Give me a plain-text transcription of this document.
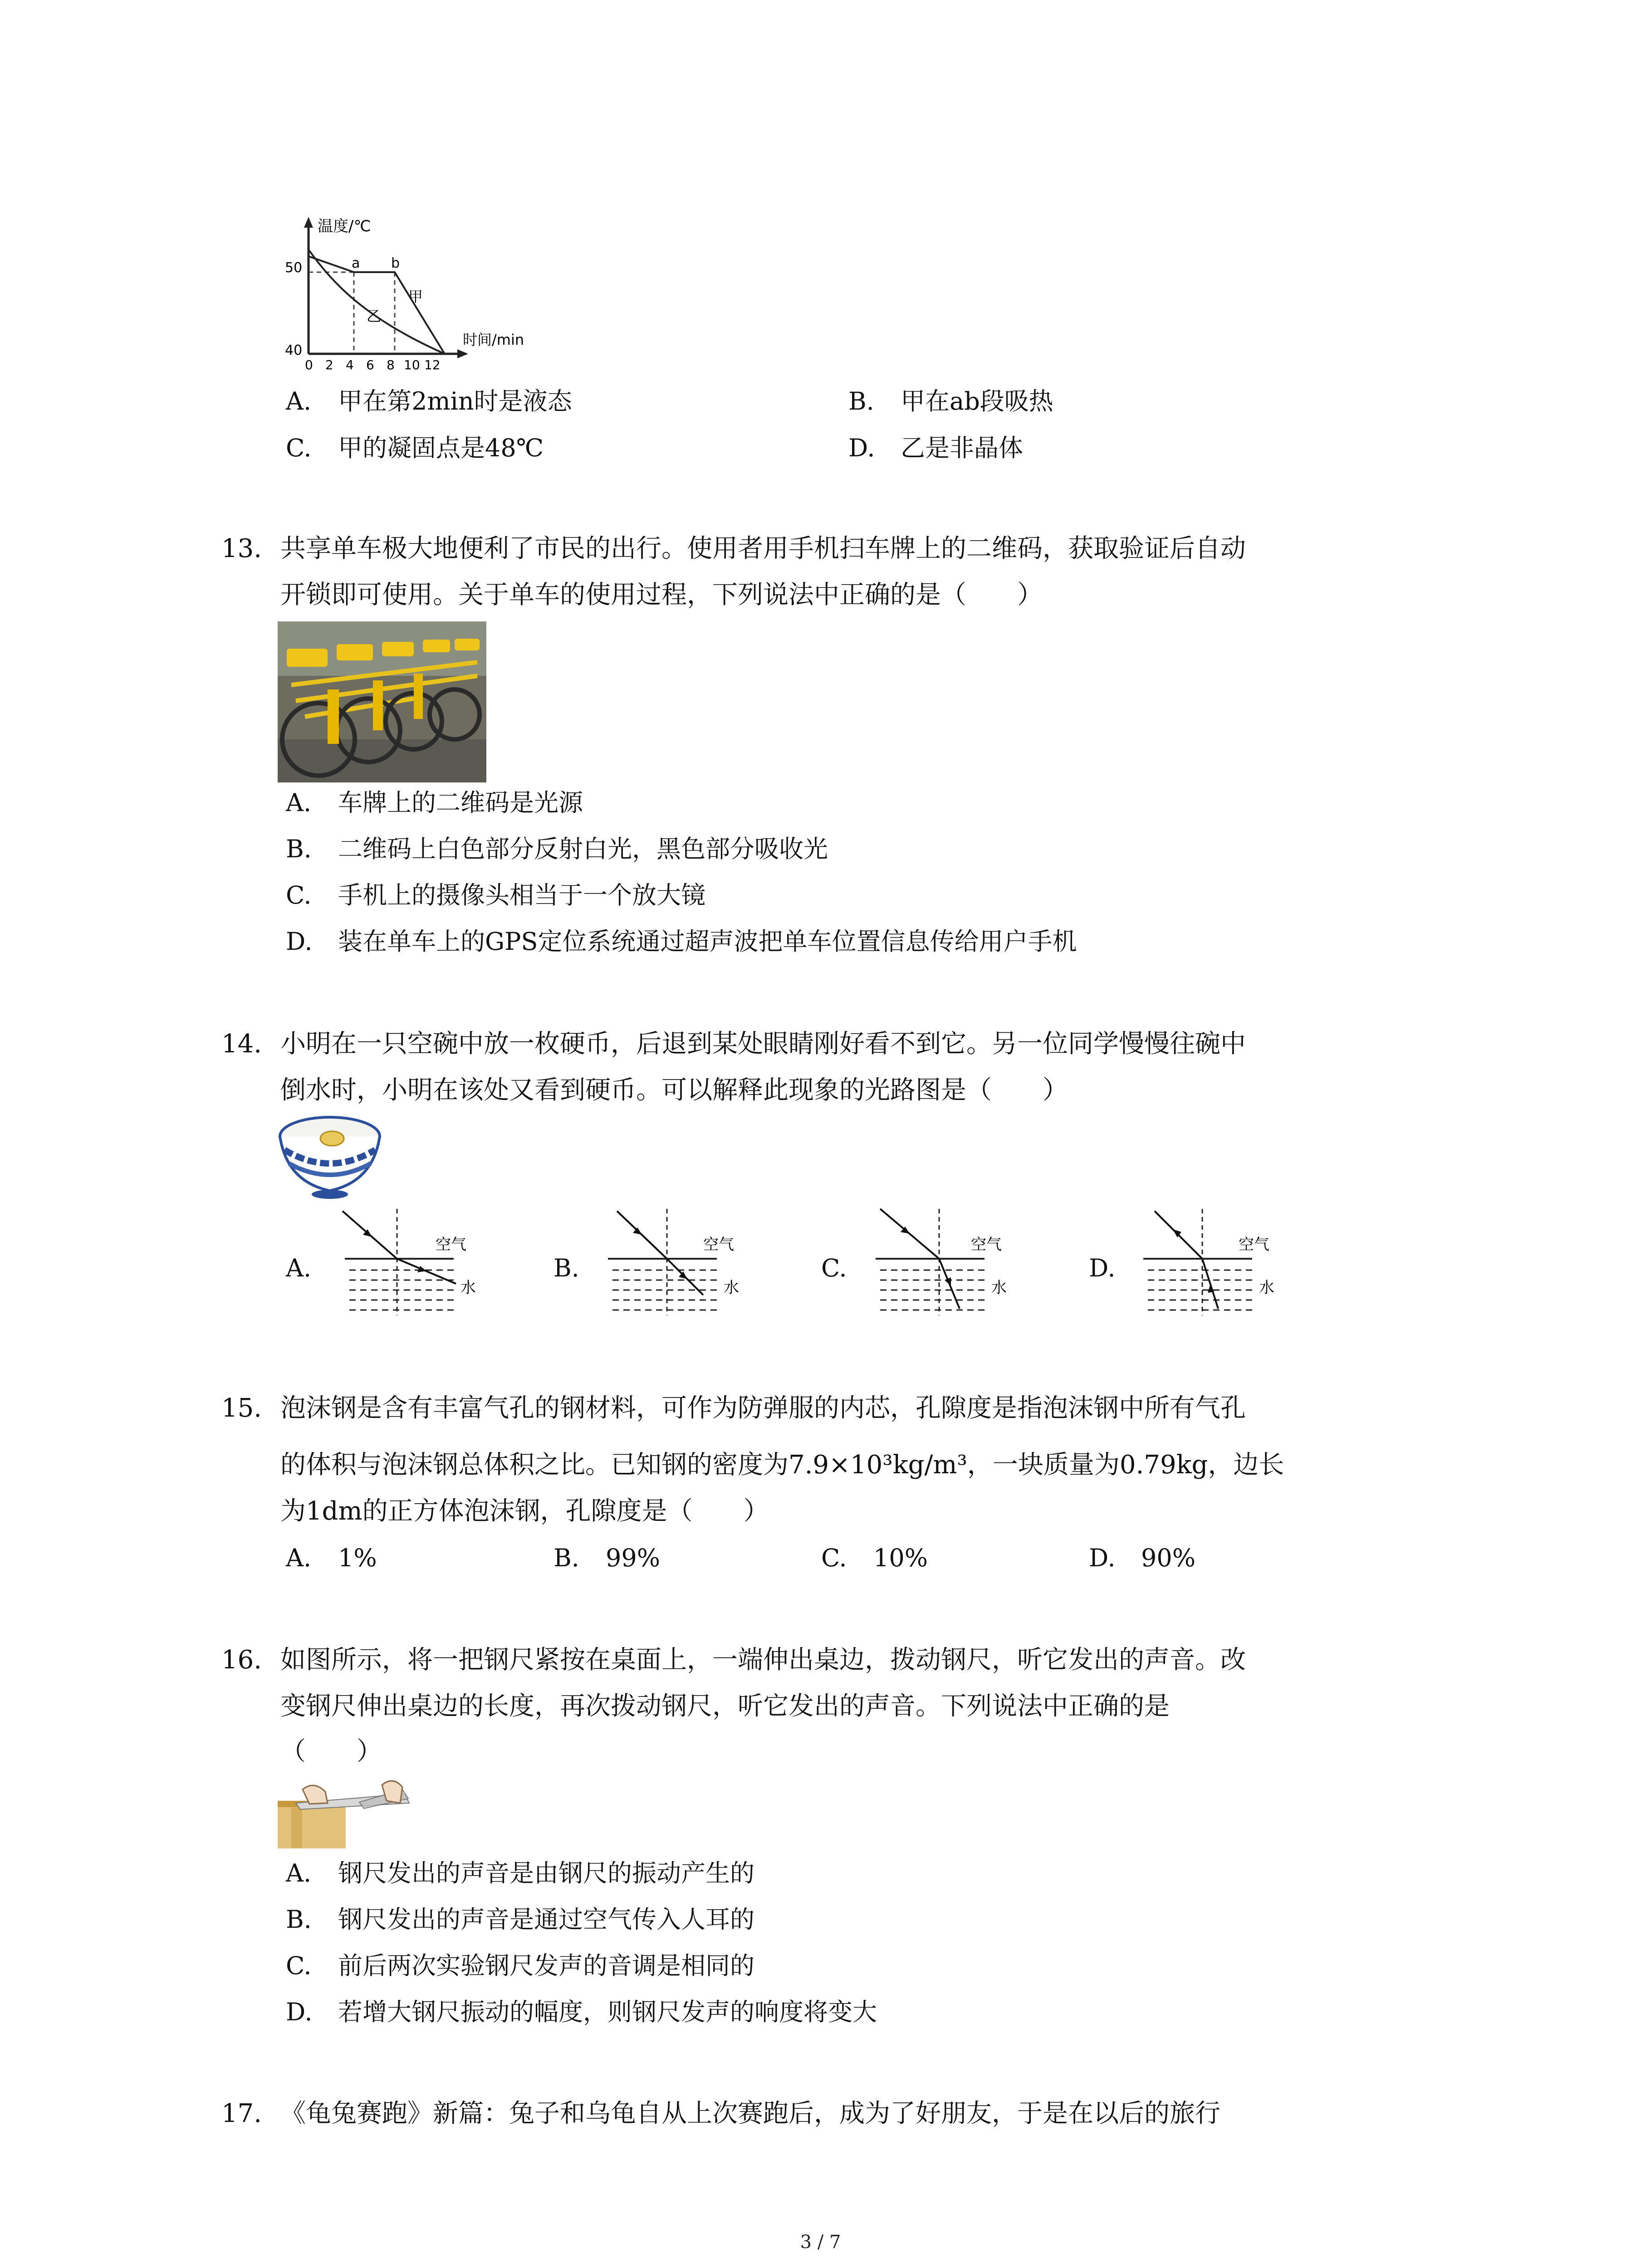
50
40
0 2 4 6 8 10 12
温度/℃
时间/min
a b
甲
乙
A. 甲在第2min时是液态	B. 甲在ab段吸热
C. 甲的凝固点是48℃	D. 乙是非晶体
13. 共享单车极大地便利了市民的出行。使用者用手机扫车牌上的二维码，获取验证后自动
开锁即可使用。关于单车的使用过程，下列说法中正确的是（　　）
A. 车牌上的二维码是光源
B. 二维码上白色部分反射白光，黑色部分吸收光
C. 手机上的摄像头相当于一个放大镜
D. 装在单车上的GPS定位系统通过超声波把单车位置信息传给用户手机
14. 小明在一只空碗中放一枚硬币，后退到某处眼睛刚好看不到它。另一位同学慢慢往碗中
倒水时，小明在该处又看到硬币。可以解释此现象的光路图是（　　）
A.
空气
水
B.
空气
水
C.
空气
水
D.
空气
水
15. 泡沫钢是含有丰富气孔的钢材料，可作为防弹服的内芯，孔隙度是指泡沫钢中所有气孔
的体积与泡沫钢总体积之比。已知钢的密度为7.9×10³kg/m³，一块质量为0.79kg，边长
为1dm的正方体泡沫钢，孔隙度是（　　）
A. 1%	B. 99%	C. 10%	D. 90%
16. 如图所示，将一把钢尺紧按在桌面上，一端伸出桌边，拨动钢尺，听它发出的声音。改
变钢尺伸出桌边的长度，再次拨动钢尺，听它发出的声音。下列说法中正确的是
（　　）
A. 钢尺发出的声音是由钢尺的振动产生的
B. 钢尺发出的声音是通过空气传入人耳的
C. 前后两次实验钢尺发声的音调是相同的
D. 若增大钢尺振动的幅度，则钢尺发声的响度将变大
17. 《龟兔赛跑》新篇：兔子和乌龟自从上次赛跑后，成为了好朋友，于是在以后的旅行
3 / 7
